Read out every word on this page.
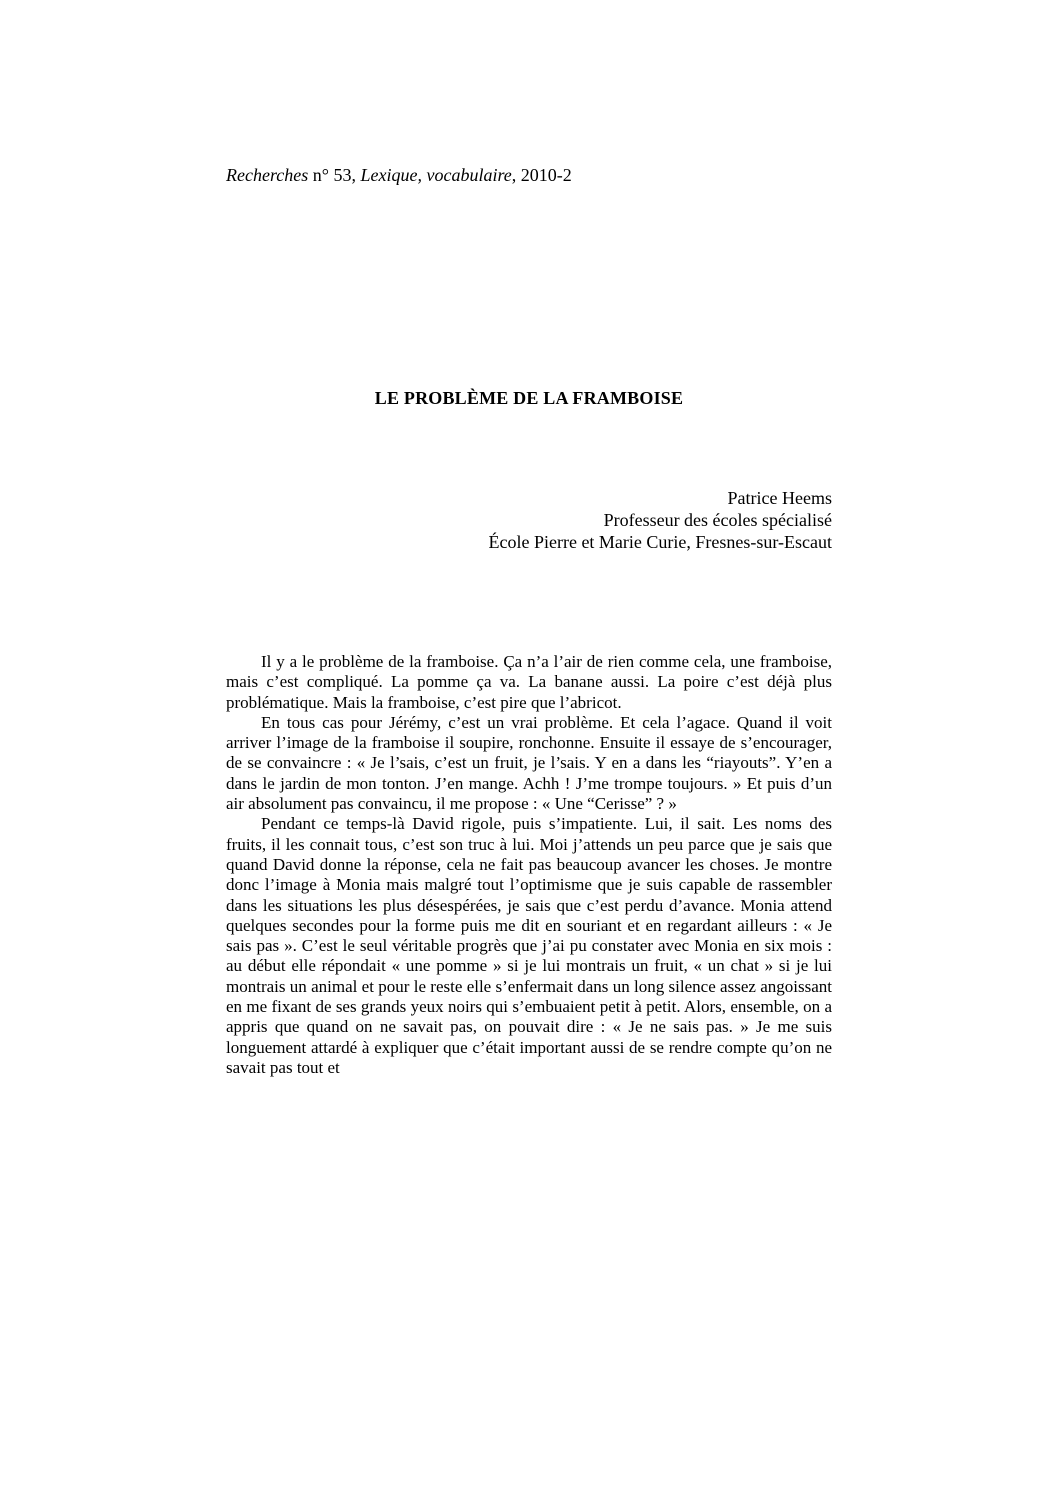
Recherches n° 53, Lexique, vocabulaire, 2010-2
LE PROBLÈME DE LA FRAMBOISE
Patrice Heems
Professeur des écoles spécialisé
École Pierre et Marie Curie, Fresnes-sur-Escaut

Il y a le problème de la framboise. Ça n’a l’air de rien comme cela, une framboise, mais c’est compliqué. La pomme ça va. La banane aussi. La poire c’est déjà plus problématique. Mais la framboise, c’est pire que l’abricot.

En tous cas pour Jérémy, c’est un vrai problème. Et cela l’agace. Quand il voit arriver l’image de la framboise il soupire, ronchonne. Ensuite il essaye de s’encourager, de se convaincre : « Je l’sais, c’est un fruit, je l’sais. Y en a dans les “riayouts”. Y’en a dans le jardin de mon tonton. J’en mange. Achh ! J’me trompe toujours. » Et puis d’un air absolument pas convaincu, il me propose : « Une “Cerisse” ? »

Pendant ce temps-là David rigole, puis s’impatiente. Lui, il sait. Les noms des fruits, il les connait tous, c’est son truc à lui. Moi j’attends un peu parce que je sais que quand David donne la réponse, cela ne fait pas beaucoup avancer les choses. Je montre donc l’image à Monia mais malgré tout l’optimisme que je suis capable de rassembler dans les situations les plus désespérées, je sais que c’est perdu d’avance. Monia attend quelques secondes pour la forme puis me dit en souriant et en regardant ailleurs : « Je sais pas ». C’est le seul véritable progrès que j’ai pu constater avec Monia en six mois : au début elle répondait « une pomme » si je lui montrais un fruit, « un chat » si je lui montrais un animal et pour le reste elle s’enfermait dans un long silence assez angoissant en me fixant de ses grands yeux noirs qui s’embuaient petit à petit. Alors, ensemble, on a appris que quand on ne savait pas, on pouvait dire : « Je ne sais pas. » Je me suis longuement attardé à expliquer que c’était important aussi de se rendre compte qu’on ne savait pas tout et
